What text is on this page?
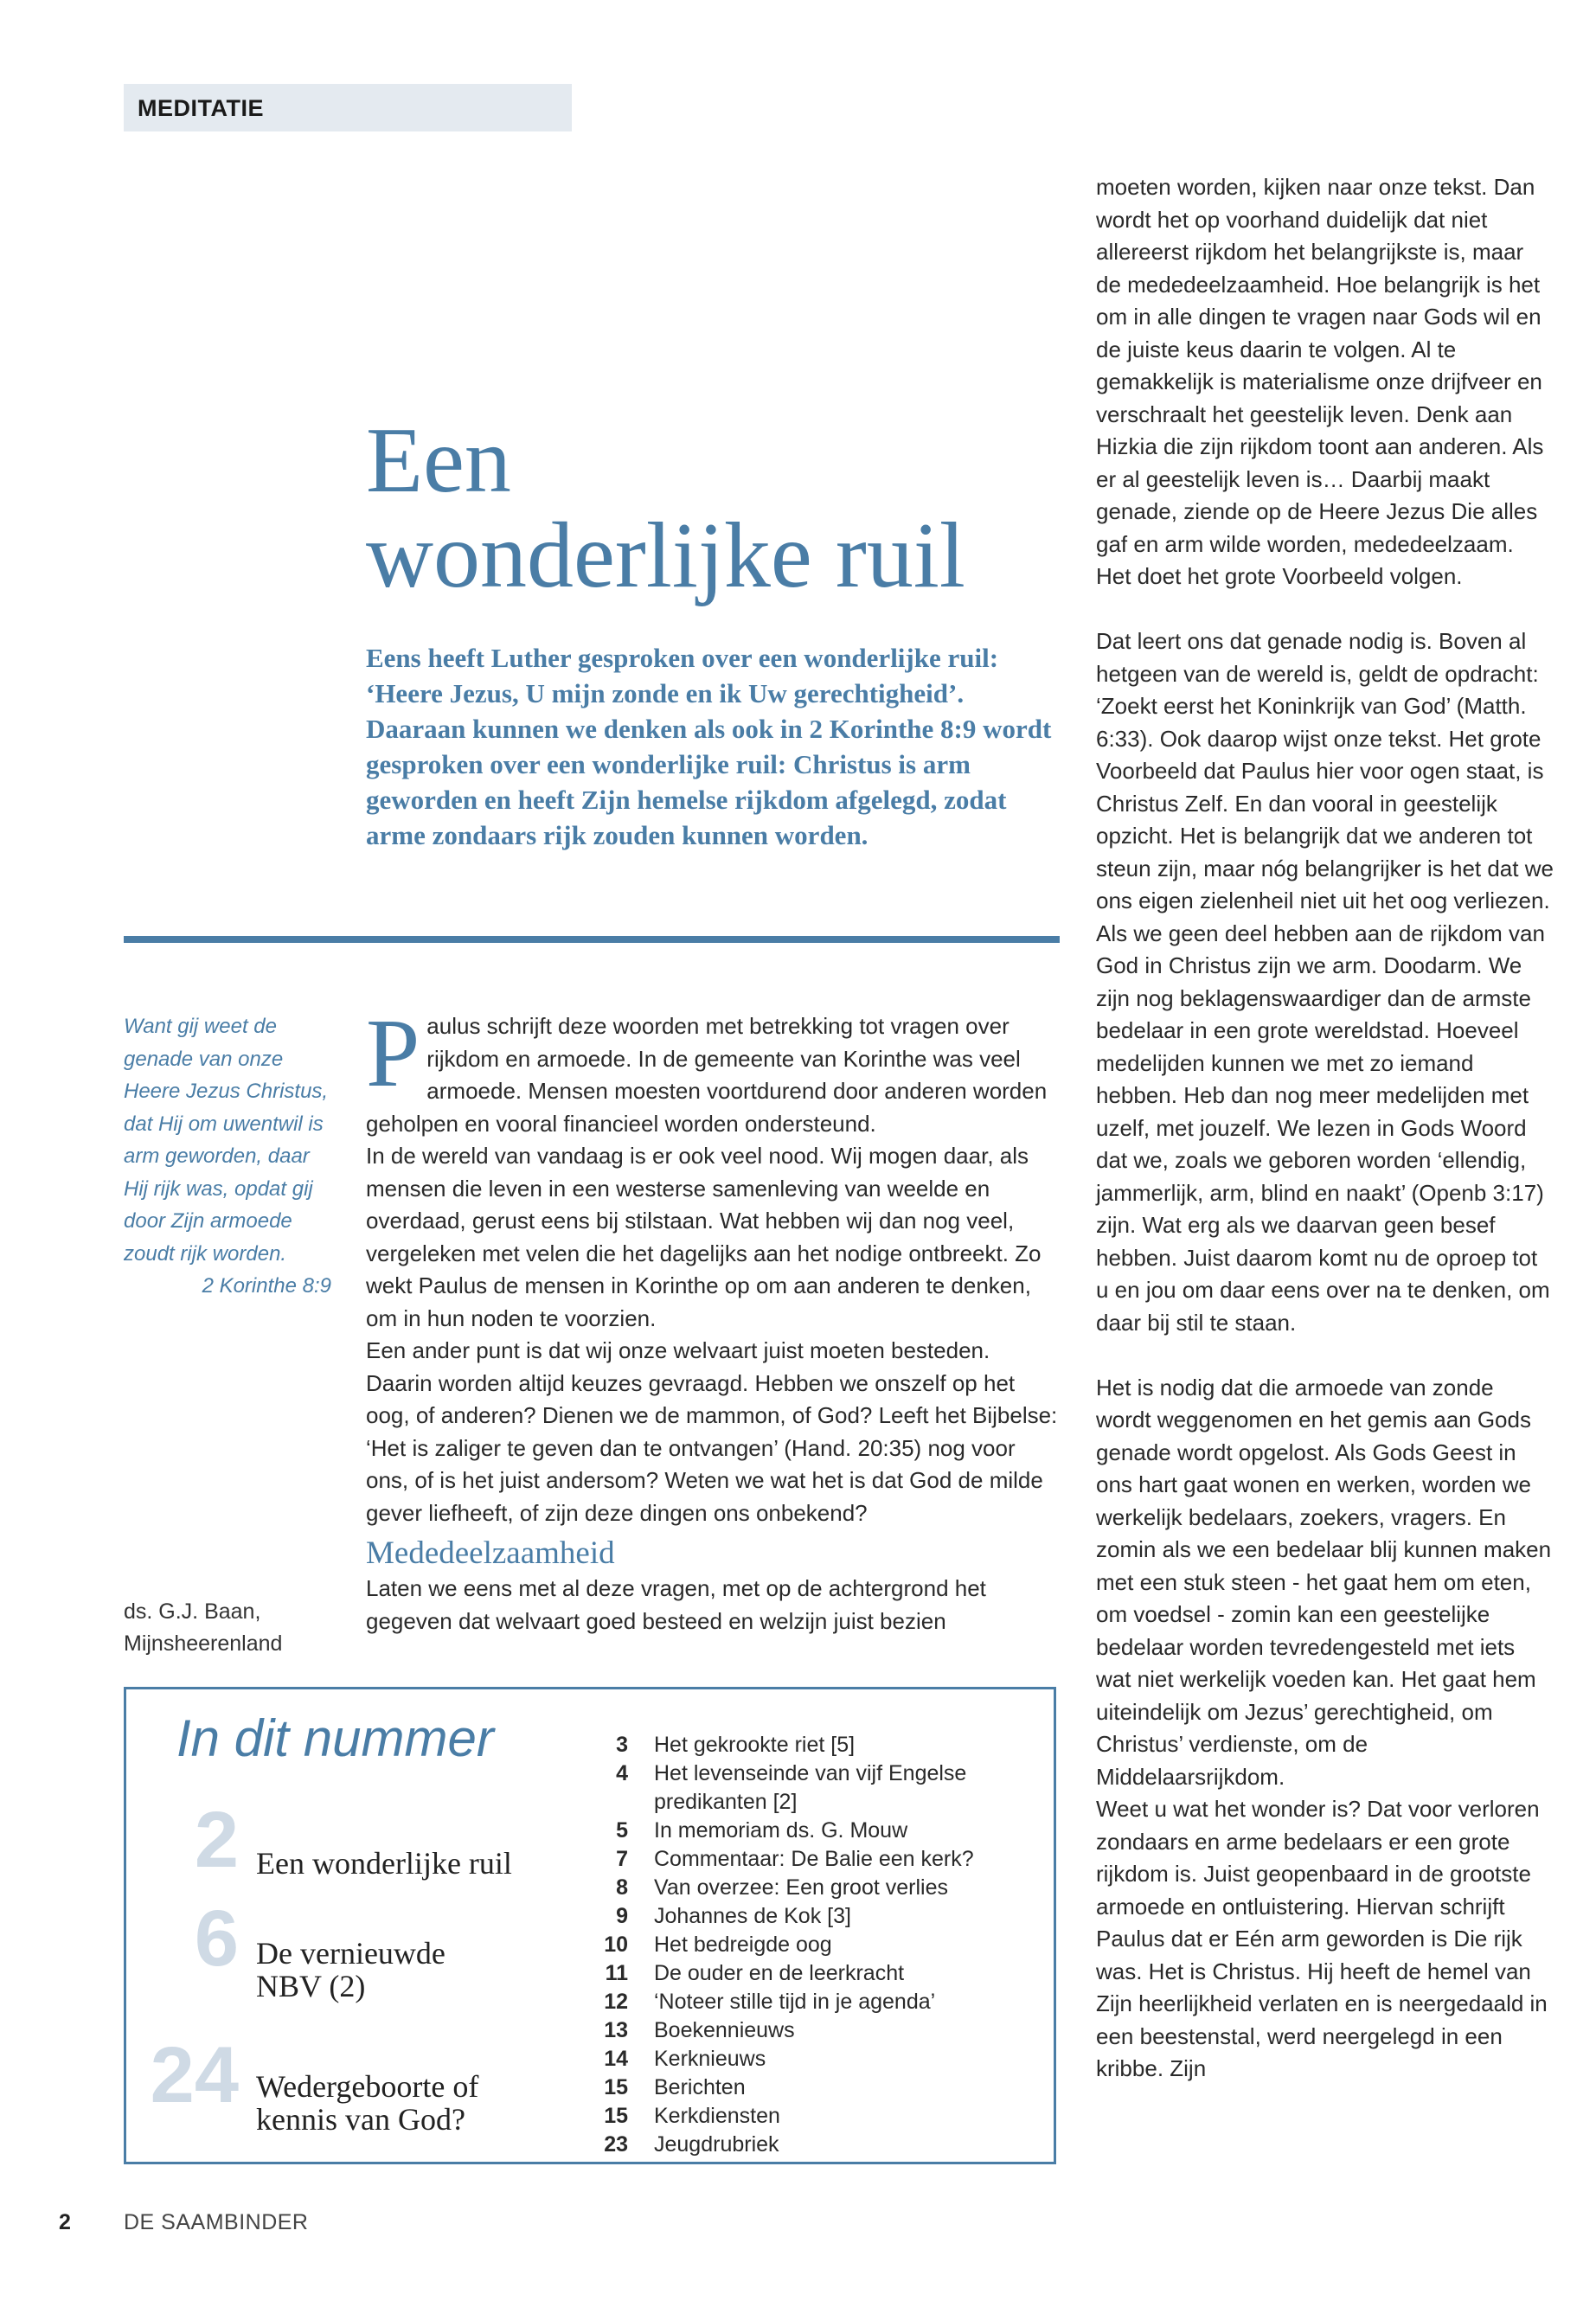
MEDITATIE
Een
wonderlijke ruil
Eens heeft Luther gesproken over een wonderlijke ruil: ‘Heere Jezus, U mijn zonde en ik Uw gerechtigheid’. Daaraan kunnen we denken als ook in 2 Korinthe 8:9 wordt gesproken over een wonderlijke ruil: Christus is arm geworden en heeft Zijn hemelse rijkdom afgelegd, zodat arme zondaars rijk zouden kunnen worden.
Want gij weet de genade van onze Heere Jezus Christus, dat Hij om uwentwil is arm geworden, daar Hij rijk was, opdat gij door Zijn armoede zoudt rijk worden.
2 Korinthe 8:9
ds. G.J. Baan,
Mijnsheerenland

Paulus schrijft deze woorden met betrekking tot vragen over rijkdom en armoede. In de gemeente van Korinthe was veel armoede. Mensen moesten voortdurend door anderen worden geholpen en vooral financieel worden ondersteund.

In de wereld van vandaag is er ook veel nood. Wij mogen daar, als mensen die leven in een westerse samenleving van weelde en overdaad, gerust eens bij stilstaan. Wat hebben wij dan nog veel, vergeleken met velen die het dagelijks aan het nodige ontbreekt. Zo wekt Paulus de mensen in Korinthe op om aan anderen te denken, om in hun noden te voorzien.

Een ander punt is dat wij onze welvaart juist moeten besteden. Daarin worden altijd keuzes gevraagd. Hebben we onszelf op het oog, of anderen? Dienen we de mammon, of God? Leeft het Bijbelse: ‘Het is zaliger te geven dan te ontvangen’ (Hand. 20:35) nog voor ons, of is het juist andersom? Weten we wat het is dat God de milde gever liefheeft, of zijn deze dingen ons onbekend?

Mededeelzaamheid

Laten we eens met al deze vragen, met op de achtergrond het gegeven dat welvaart goed besteed en welzijn juist bezien

moeten worden, kijken naar onze tekst. Dan wordt het op voorhand duidelijk dat niet allereerst rijkdom het belangrijkste is, maar de mededeelzaamheid. Hoe belangrijk is het om in alle dingen te vragen naar Gods wil en de juiste keus daarin te volgen. Al te gemakkelijk is materialisme onze drijfveer en verschraalt het geestelijk leven. Denk aan Hizkia die zijn rijkdom toont aan anderen. Als er al geestelijk leven is… Daarbij maakt genade, ziende op de Heere Jezus Die alles gaf en arm wilde worden, mededeelzaam. Het doet het grote Voorbeeld volgen.

Dat leert ons dat genade nodig is. Boven al hetgeen van de wereld is, geldt de opdracht: ‘Zoekt eerst het Koninkrijk van God’ (Matth. 6:33). Ook daarop wijst onze tekst. Het grote Voorbeeld dat Paulus hier voor ogen staat, is Christus Zelf. En dan vooral in geestelijk opzicht. Het is belangrijk dat we anderen tot steun zijn, maar nóg belangrijker is het dat we ons eigen zielenheil niet uit het oog verliezen.

Als we geen deel hebben aan de rijkdom van God in Christus zijn we arm. Doodarm. We zijn nog beklagenswaardiger dan de armste bedelaar in een grote wereldstad. Hoeveel medelijden kunnen we met zo iemand hebben. Heb dan nog meer medelijden met uzelf, met jouzelf. We lezen in Gods Woord dat we, zoals we geboren worden ‘ellendig, jammerlijk, arm, blind en naakt’ (Openb 3:17) zijn. Wat erg als we daarvan geen besef hebben. Juist daarom komt nu de oproep tot u en jou om daar eens over na te denken, om daar bij stil te staan.

Het is nodig dat die armoede van zonde wordt weggenomen en het gemis aan Gods genade wordt opgelost. Als Gods Geest in ons hart gaat wonen en werken, worden we werkelijk bedelaars, zoekers, vragers. En zomin als we een bedelaar blij kunnen maken met een stuk steen - het gaat hem om eten, om voedsel - zomin kan een geestelijke bedelaar worden tevredengesteld met iets wat niet werkelijk voeden kan. Het gaat hem uiteindelijk om Jezus’ gerechtigheid, om Christus’ verdienste, om de Middelaarsrijkdom.

Weet u wat het wonder is? Dat voor verloren zondaars en arme bedelaars er een grote rijkdom is. Juist geopenbaard in de grootste armoede en ontluistering. Hiervan schrijft Paulus dat er Eén arm geworden is Die rijk was. Het is Christus. Hij heeft de hemel van Zijn heerlijkheid verlaten en is neergedaald in een beestenstal, werd neergelegd in een kribbe. Zijn

In dit nummer
2 Een wonderlijke ruil
6 De vernieuwde NBV (2)
24 Wedergeboorte of kennis van God?
3 Het gekrookte riet [5]
4 Het levenseinde van vijf Engelse predikanten [2]
5 In memoriam ds. G. Mouw
7 Commentaar: De Balie een kerk?
8 Van overzee: Een groot verlies
9 Johannes de Kok [3]
10 Het bedreigde oog
11 De ouder en de leerkracht
12 ‘Noteer stille tijd in je agenda’
13 Boekennieuws
14 Kerknieuws
15 Berichten
15 Kerkdiensten
23 Jeugdrubriek
2 DE SAAMBINDER
